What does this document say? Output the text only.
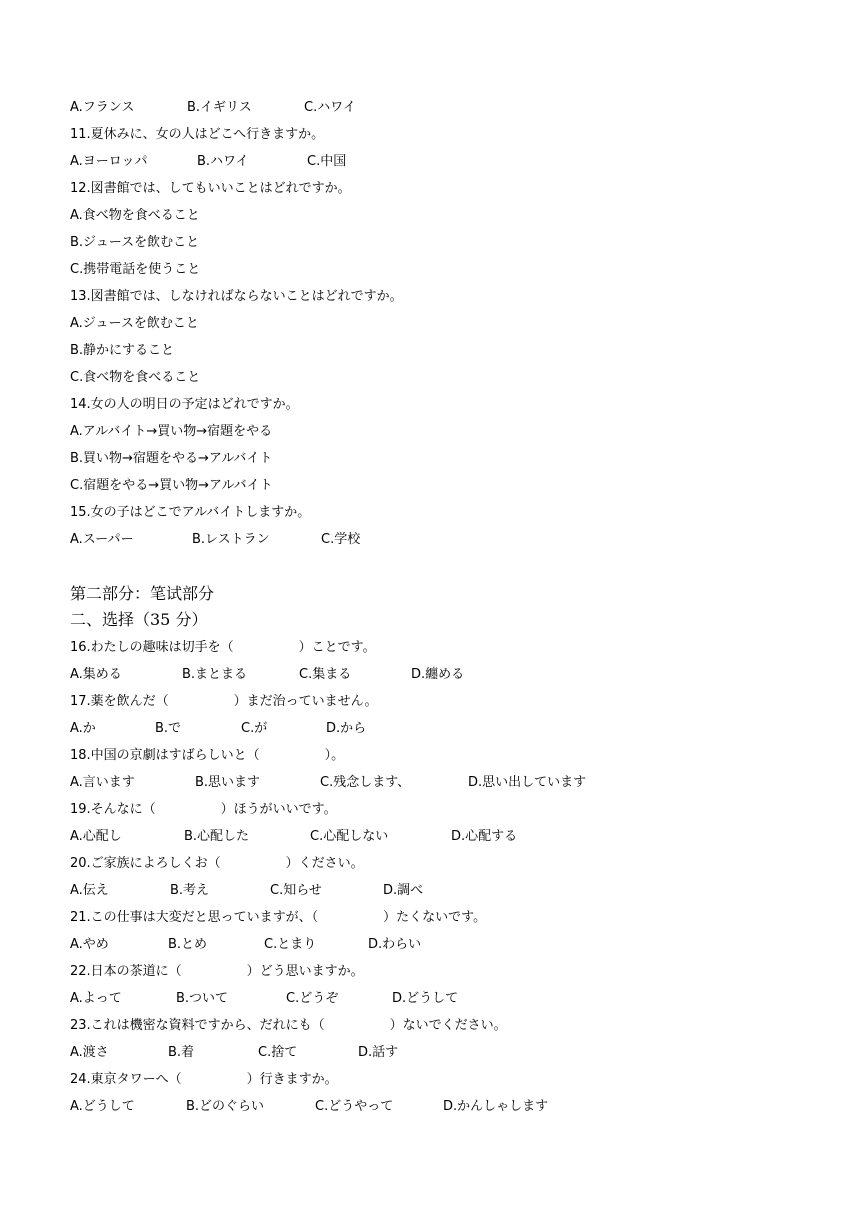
A.フランス	B.イギリス	C.ハワイ
11.夏休みに、女の人はどこへ行きますか。
A.ヨーロッパ	B.ハワイ	C.中国
12.図書館では、してもいいことはどれですか。
A.食べ物を食べること
B.ジュースを飲むこと
C.携帯電話を使うこと
13.図書館では、しなければならないことはどれですか。
A.ジュースを飲むこと
B.静かにすること
C.食べ物を食べること
14.女の人の明日の予定はどれですか。
A.アルバイト→買い物→宿題をやる
B.買い物→宿題をやる→アルバイト
C.宿題をやる→買い物→アルバイト
15.女の子はどこでアルバイトしますか。
A.スーパー	B.レストラン	C.学校
第二部分：笔试部分
二、选择（35 分）
16.わたしの趣味は切手を（　　　　　）ことです。
A.集める	B.まとまる	C.集まる	D.纏める
17.薬を飲んだ（　　　　　）まだ治っていません。
A.か	B.で	C.が	D.から
18.中国の京劇はすばらしいと（　　　　　）。
A.言います	B.思います	C.残念します、	D.思い出しています
19.そんなに（　　　　　）ほうがいいです。
A.心配し	B.心配した	C.心配しない	D.心配する
20.ご家族によろしくお（　　　　　）ください。
A.伝え	B.考え	C.知らせ	D.調べ
21.この仕事は大変だと思っていますが、（　　　　　）たくないです。
A.やめ	B.とめ	C.とまり	D.わらい
22.日本の茶道に（　　　　　）どう思いますか。
A.よって	B.ついて	C.どうぞ	D.どうして
23.これは機密な資料ですから、だれにも（　　　　　）ないでください。
A.渡さ	B.着	C.捨て	D.話す
24.東京タワーへ（　　　　　）行きますか。
A.どうして	B.どのぐらい	C.どうやって	D.かんしゃします
